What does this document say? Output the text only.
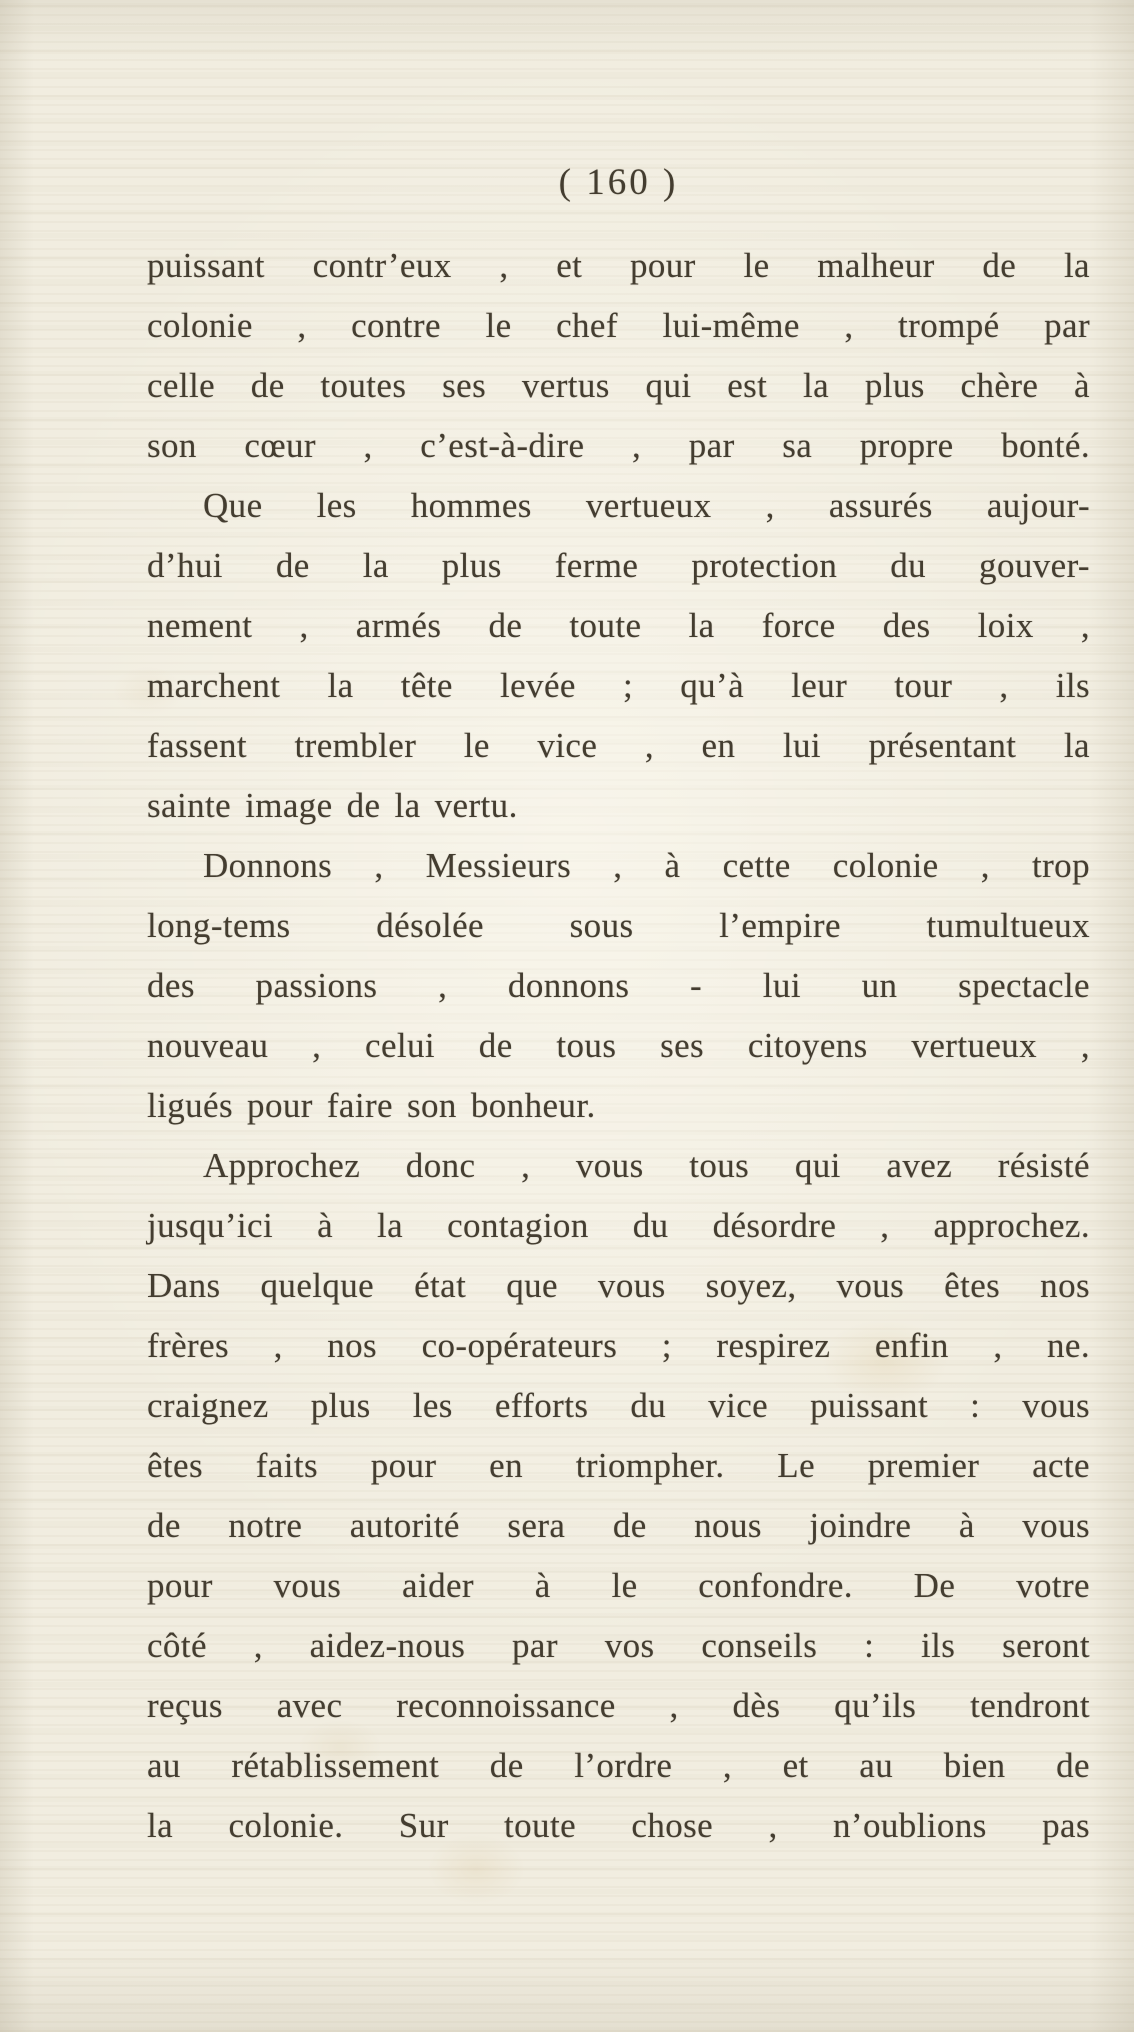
( 160 )
puissant contr’eux , et pour le malheur de la
colonie , contre le chef lui-même , trompé par
celle de toutes ses vertus qui est la plus chère à
son cœur , c’est-à-dire , par sa propre bonté.
Que les hommes vertueux , assurés aujour-
d’hui de la plus ferme protection du gouver-
nement , armés de toute la force des loix ,
marchent la tête levée ; qu’à leur tour , ils
fassent trembler le vice , en lui présentant la
sainte image de la vertu.
Donnons , Messieurs , à cette colonie , trop
long-tems désolée sous l’empire tumultueux
des passions , donnons - lui un spectacle
nouveau , celui de tous ses citoyens vertueux ,
ligués pour faire son bonheur.
Approchez donc , vous tous qui avez résisté
jusqu’ici à la contagion du désordre , approchez.
Dans quelque état que vous soyez, vous êtes nos
frères , nos co-opérateurs ; respirez enfin , ne.
craignez plus les efforts du vice puissant : vous
êtes faits pour en triompher. Le premier acte
de notre autorité sera de nous joindre à vous
pour vous aider à le confondre. De votre
côté , aidez-nous par vos conseils : ils seront
reçus avec reconnoissance , dès qu’ils tendront
au rétablissement de l’ordre , et au bien de
la colonie. Sur toute chose , n’oublions pas
